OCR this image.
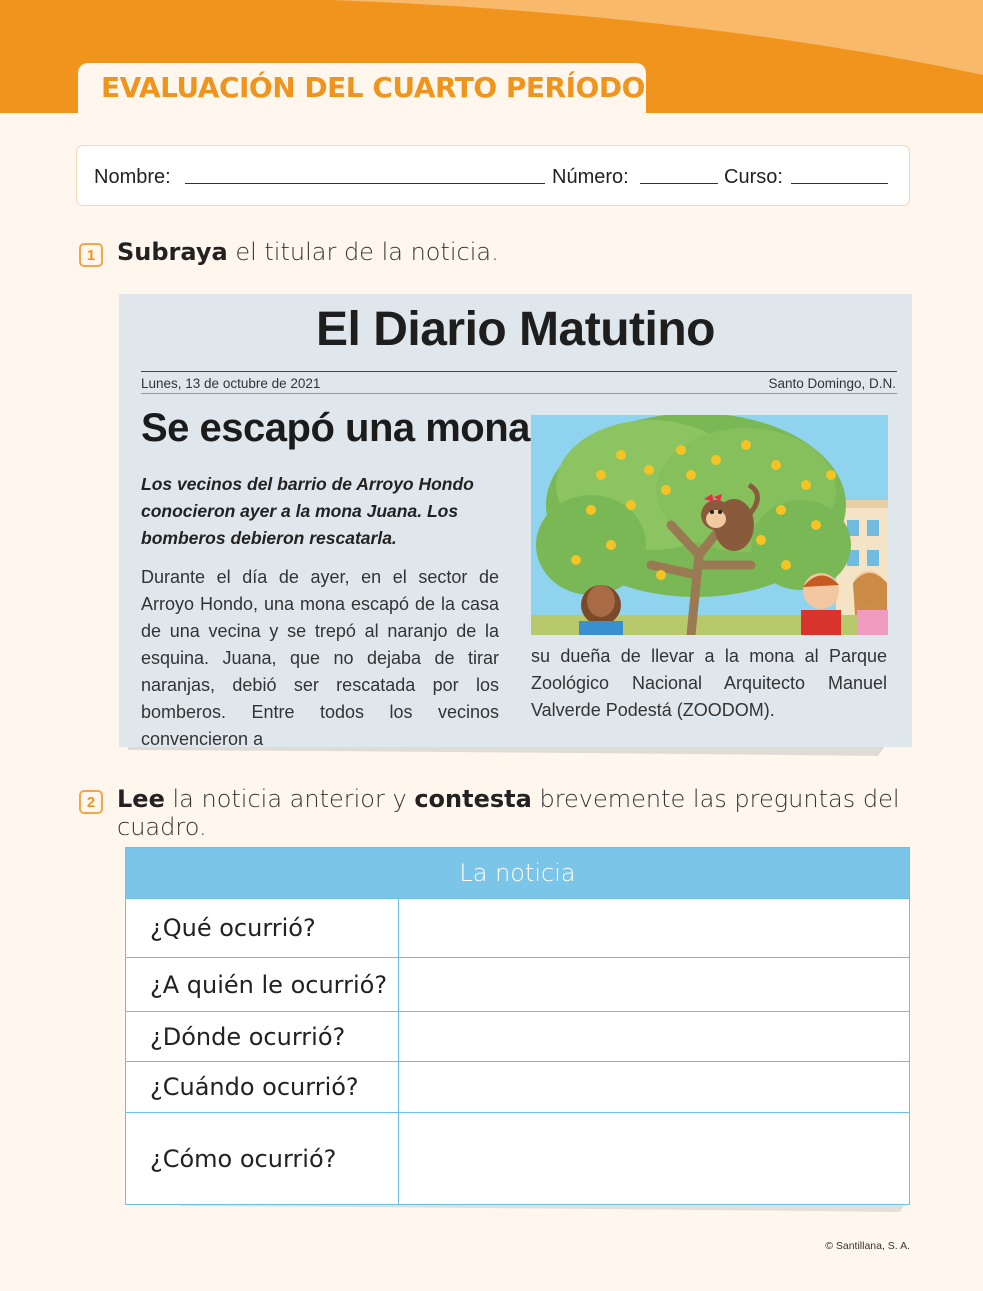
EVALUACIÓN DEL CUARTO PERÍODO
Nombre:	Número:	Curso:
1 Subraya el titular de la noticia.
El Diario Matutino
Lunes, 13 de octubre de 2021	Santo Domingo, D.N.
Se escapó una mona
Los vecinos del barrio de Arroyo Hondo conocieron ayer a la mona Juana. Los bomberos debieron rescatarla.
Durante el día de ayer, en el sector de Arroyo Hondo, una mona escapó de la casa de una vecina y se trepó al naranjo de la esquina. Juana, que no dejaba de tirar naranjas, debió ser rescatada por los bomberos. Entre todos los vecinos convencieron a
su dueña de llevar a la mona al Parque Zoológico Nacional Arquitecto Manuel Valverde Podestá (ZOODOM).
2 Lee la noticia anterior y contesta brevemente las preguntas del cuadro.
La noticia
¿Qué ocurrió?
¿A quién le ocurrió?
¿Dónde ocurrió?
¿Cuándo ocurrió?
¿Cómo ocurrió?
© Santillana, S. A.
